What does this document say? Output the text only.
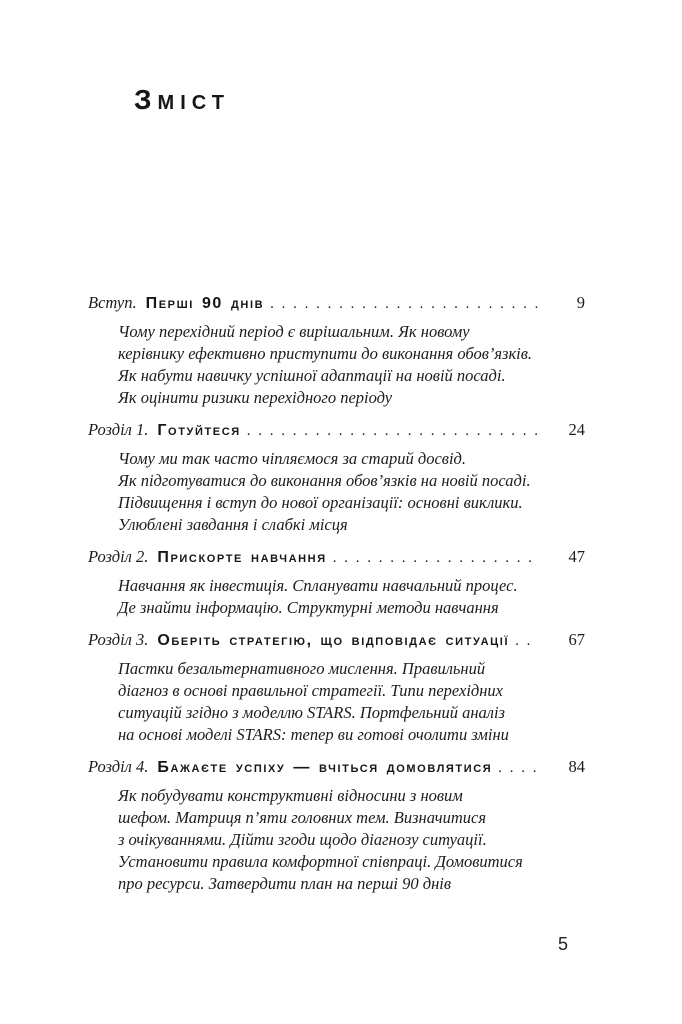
Зміст
Вступ. Перші 90 днів . . .	9
Чому перехідний період є вирішальним. Як новому
керівнику ефективно приступити до виконання обов’язків.
Як набути навичку успішної адаптації на новій посаді.
Як оцінити ризики перехідного періоду
Розділ 1. Готуйтеся . . .	24
Чому ми так часто чіпляємося за старий досвід.
Як підготуватися до виконання обов’язків на новій посаді.
Підвищення і вступ до нової організації: основні виклики.
Улюблені завдання і слабкі місця
Розділ 2. Прискорте навчання . . .	47
Навчання як інвестиція. Спланувати навчальний процес.
Де знайти інформацію. Структурні методи навчання
Розділ 3. Оберіть стратегію, що відповідає ситуації . . .	67
Пастки безальтернативного мислення. Правильний
діагноз в основі правильної стратегії. Типи перехідних
ситуацій згідно з моделлю STARS. Портфельний аналіз
на основі моделі STARS: тепер ви готові очолити зміни
Розділ 4. Бажаєте успіху — вчіться домовлятися . . .	84
Як побудувати конструктивні відносини з новим
шефом. Матриця п’яти головних тем. Визначитися
з очікуваннями. Дійти згоди щодо діагнозу ситуації.
Установити правила комфортної співпраці. Домовитися
про ресурси. Затвердити план на перші 90 днів
5
